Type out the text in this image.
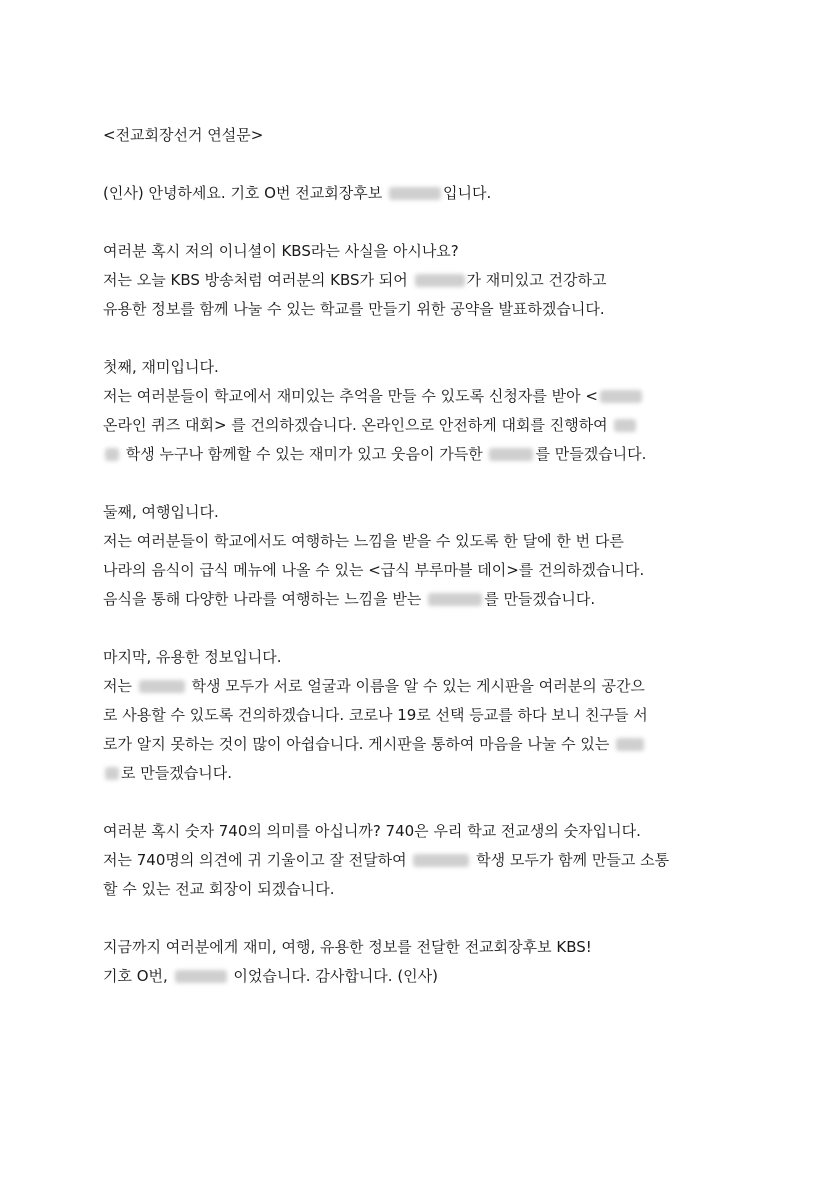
<전교회장선거 연설문>

(인사) 안녕하세요. 기호 O번 전교회장후보	입니다.

여러분 혹시 저의 이니셜이 KBS라는 사실을 아시나요?

저는 오늘 KBS 방송처럼 여러분의 KBS가 되어	가 재미있고 건강하고

유용한 정보를 함께 나눌 수 있는 학교를 만들기 위한 공약을 발표하겠습니다.

첫째, 재미입니다.

저는 여러분들이 학교에서 재미있는 추억을 만들 수 있도록 신청자를 받아 <

온라인 퀴즈 대회> 를 건의하겠습니다. 온라인으로 안전하게 대회를 진행하여

학생 누구나 함께할 수 있는 재미가 있고 웃음이 가득한	를 만들겠습니다.

둘째, 여행입니다.

저는 여러분들이 학교에서도 여행하는 느낌을 받을 수 있도록 한 달에 한 번 다른

나라의 음식이 급식 메뉴에 나올 수 있는 <급식 부루마블 데이>를 건의하겠습니다.

음식을 통해 다양한 나라를 여행하는 느낌을 받는	를 만들겠습니다.

마지막, 유용한 정보입니다.

저는	학생 모두가 서로 얼굴과 이름을 알 수 있는 게시판을 여러분의 공간으

로 사용할 수 있도록 건의하겠습니다. 코로나 19로 선택 등교를 하다 보니 친구들 서

로가 알지 못하는 것이 많이 아쉽습니다. 게시판을 통하여 마음을 나눌 수 있는

로 만들겠습니다.

여러분 혹시 숫자 740의 의미를 아십니까? 740은 우리 학교 전교생의 숫자입니다.

저는 740명의 의견에 귀 기울이고 잘 전달하여	학생 모두가 함께 만들고 소통

할 수 있는 전교 회장이 되겠습니다.

지금까지 여러분에게 재미, 여행, 유용한 정보를 전달한 전교회장후보 KBS!

기호 O번,	이었습니다. 감사합니다. (인사)
